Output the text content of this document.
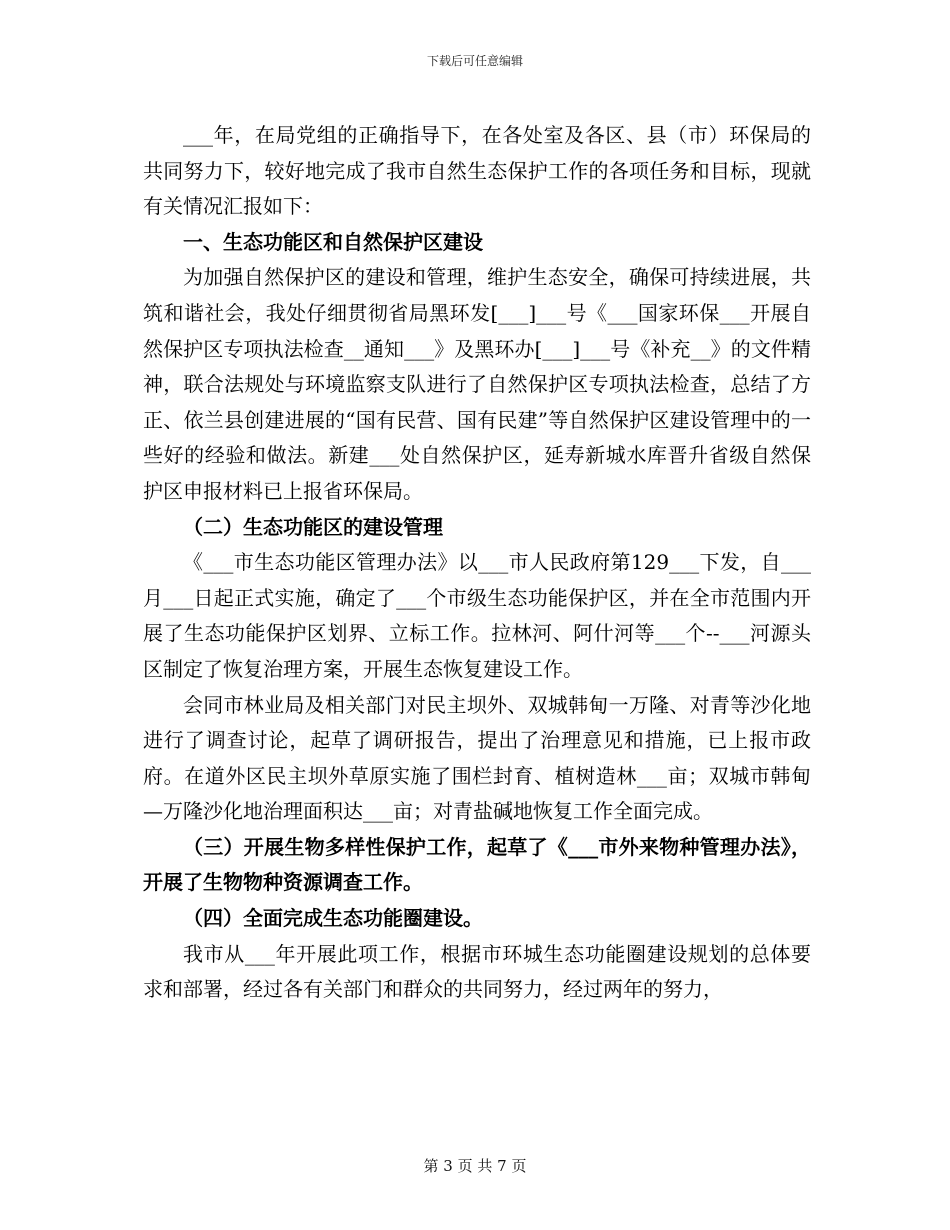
下载后可任意编辑

___年，在局党组的正确指导下，在各处室及各区、县（市）环保局的共同努力下，较好地完成了我市自然生态保护工作的各项任务和目标，现就有关情况汇报如下：

一、生态功能区和自然保护区建设

为加强自然保护区的建设和管理，维护生态安全，确保可持续进展，共筑和谐社会，我处仔细贯彻省局黑环发[___]___号《___国家环保___开展自然保护区专项执法检查__通知___》及黑环办[___]___号《补充__》的文件精神，联合法规处与环境监察支队进行了自然保护区专项执法检查，总结了方正、依兰县创建进展的“国有民营、国有民建”等自然保护区建设管理中的一些好的经验和做法。新建___处自然保护区，延寿新城水库晋升省级自然保护区申报材料已上报省环保局。

（二）生态功能区的建设管理

《___市生态功能区管理办法》以___市人民政府第129___下发，自___月___日起正式实施，确定了___个市级生态功能保护区，并在全市范围内开展了生态功能保护区划界、立标工作。拉林河、阿什河等___个--___河源头区制定了恢复治理方案，开展生态恢复建设工作。

会同市林业局及相关部门对民主坝外、双城韩甸一万隆、对青等沙化地进行了调查讨论，起草了调研报告，提出了治理意见和措施，已上报市政府。在道外区民主坝外草原实施了围栏封育、植树造林___亩；双城市韩甸—万隆沙化地治理面积达___亩；对青盐碱地恢复工作全面完成。

（三）开展生物多样性保护工作，起草了《___市外来物种管理办法》，开展了生物物种资源调查工作。

（四）全面完成生态功能圈建设。

我市从___年开展此项工作，根据市环城生态功能圈建设规划的总体要求和部署，经过各有关部门和群众的共同努力，经过两年的努力，

第 3 页 共 7 页
